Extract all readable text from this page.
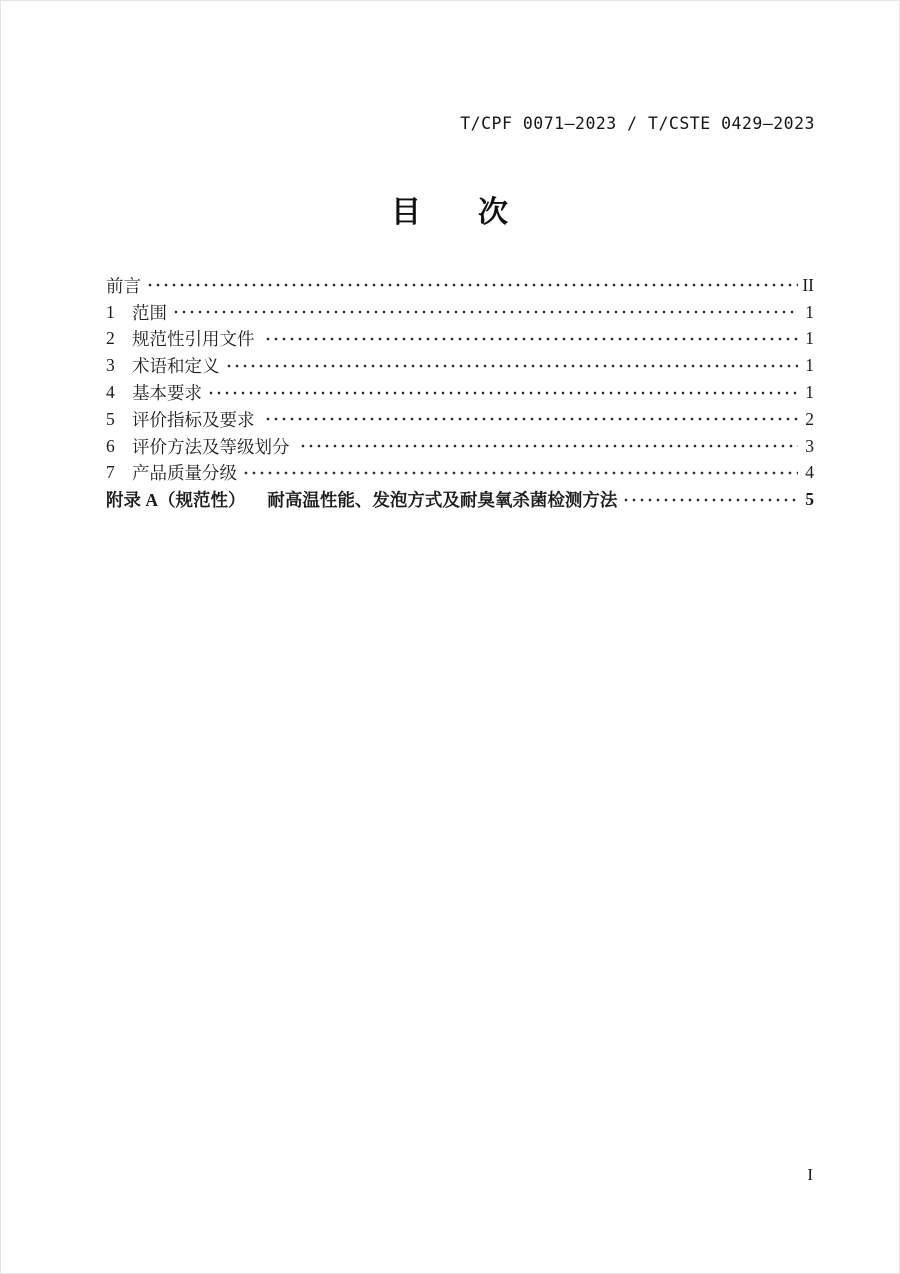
T/CPF 0071—2023 / T/CSTE 0429—2023
目      次
前言	II
1 范围	1
2 规范性引用文件	1
3 术语和定义	1
4 基本要求	1
5 评价指标及要求	2
6 评价方法及等级划分	3
7 产品质量分级	4
附录 A（规范性）     耐高温性能、发泡方式及耐臭氧杀菌检测方法	5
I
